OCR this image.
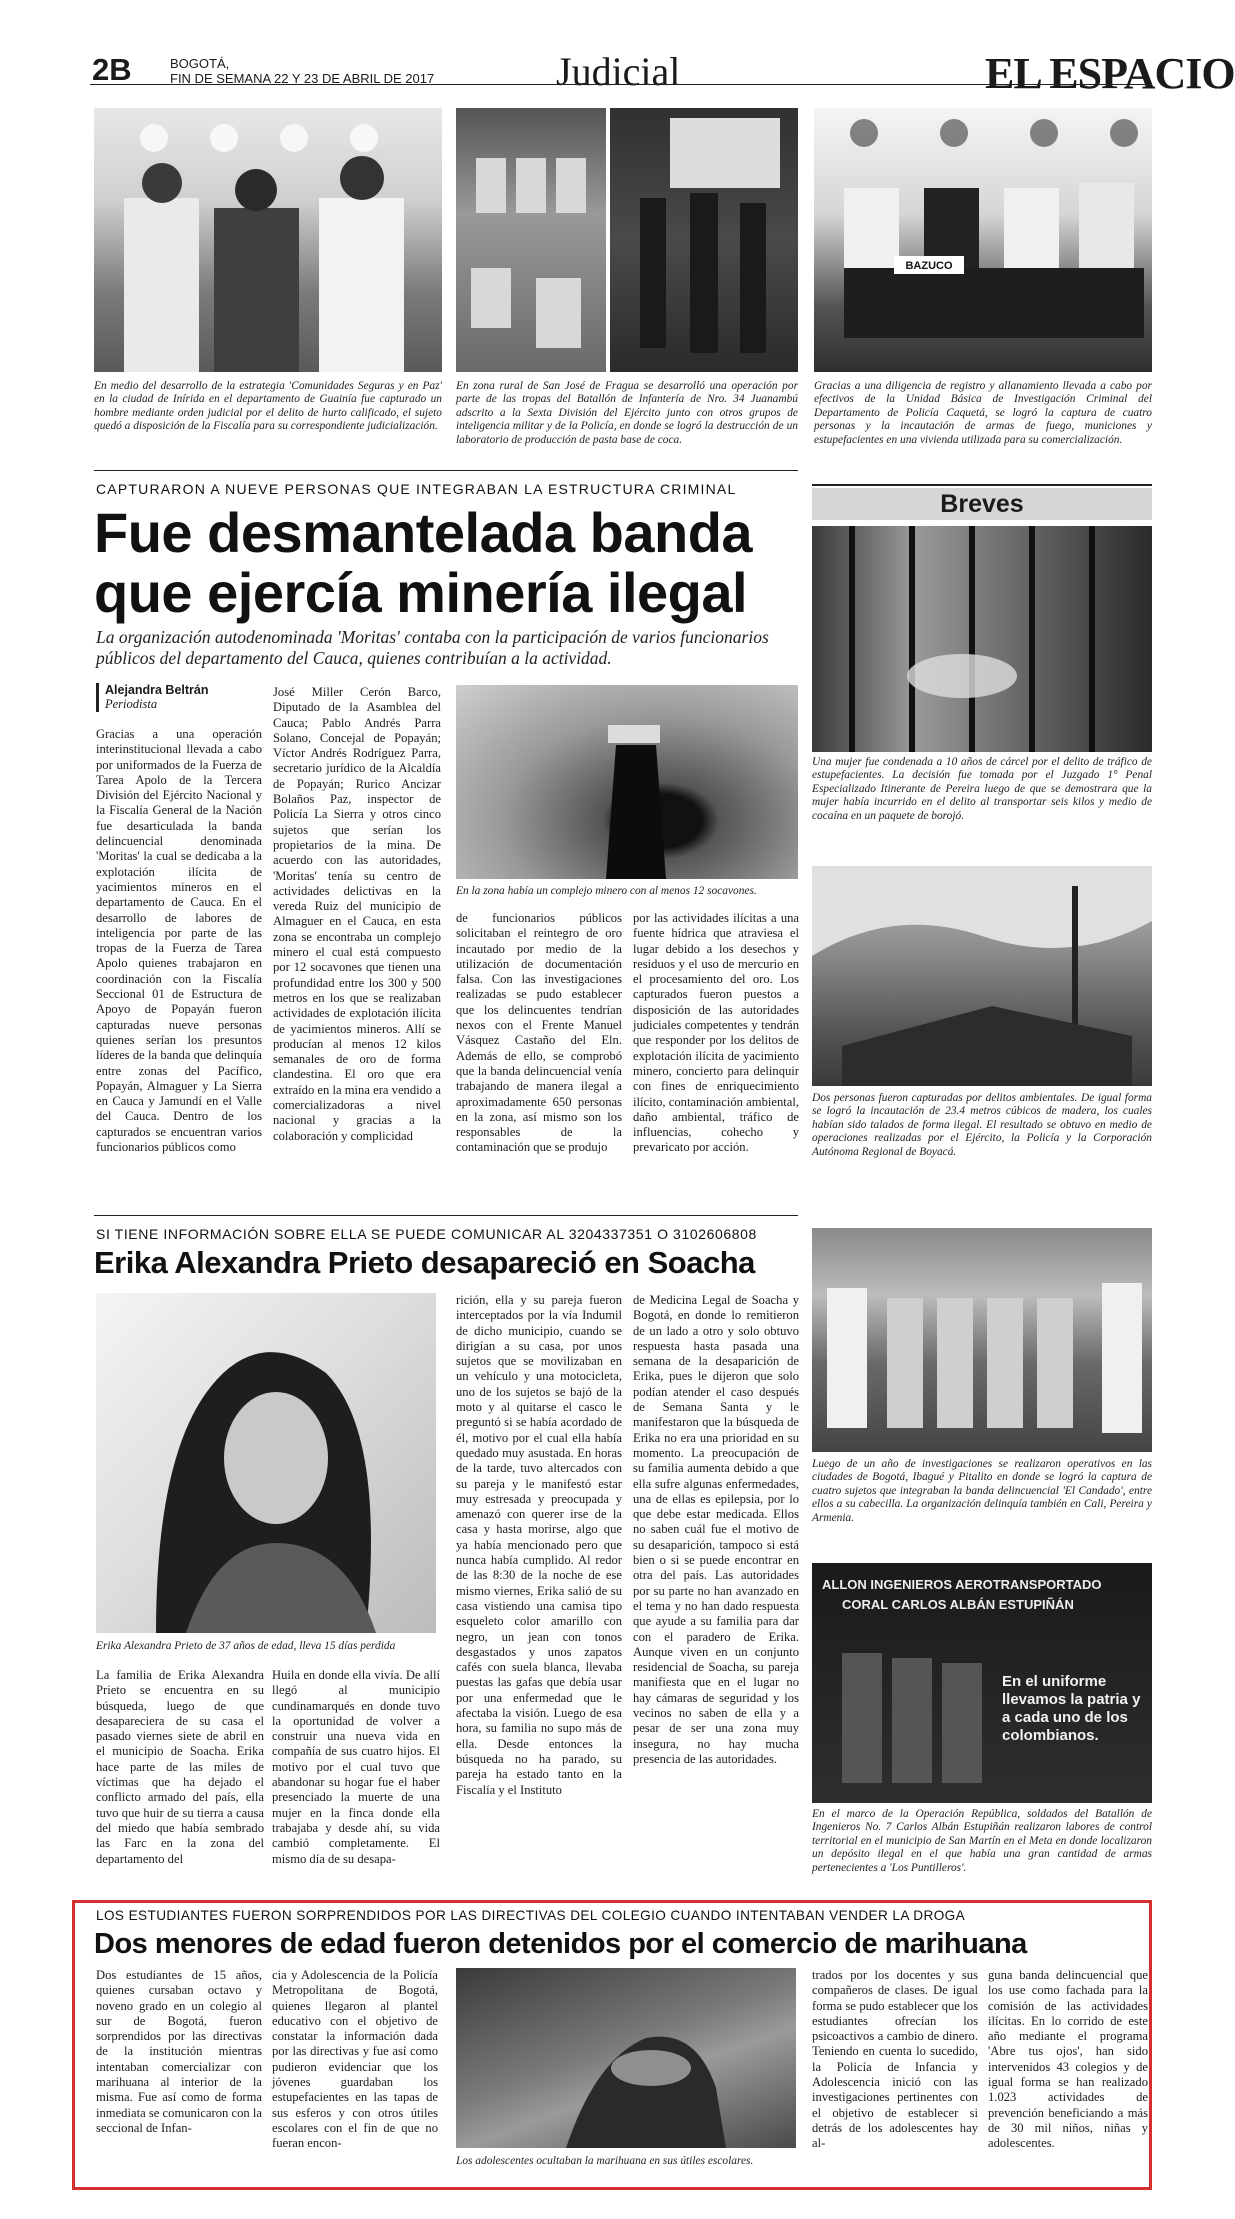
2B	BOGOTÁ,
FIN DE SEMANA 22 Y 23 DE ABRIL DE 2017	Judicial	EL ESPACIO
BAZUCO
En medio del desarrollo de la estrategia 'Comunidades Seguras y en Paz' en la ciudad de Inírida en el departamento de Guainía fue capturado un hombre mediante orden judicial por el delito de hurto calificado, el sujeto quedó a disposición de la Fiscalía para su correspondiente judicialización.
En zona rural de San José de Fragua se desarrolló una operación por parte de las tropas del Batallón de Infantería de Nro. 34 Juanambú adscrito a la Sexta División del Ejército junto con otros grupos de inteligencia militar y de la Policía, en donde se logró la destrucción de un laboratorio de producción de pasta base de coca.
Gracias a una diligencia de registro y allanamiento llevada a cabo por efectivos de la Unidad Básica de Investigación Criminal del Departamento de Policía Caquetá, se logró la captura de cuatro personas y la incautación de armas de fuego, municiones y estupefacientes en una vivienda utilizada para su comercialización.
CAPTURARON A NUEVE PERSONAS QUE INTEGRABAN LA ESTRUCTURA CRIMINAL
Fue desmantelada banda
que ejercía minería ilegal
La organización autodenominada 'Moritas' contaba con la participación de varios funcionarios públicos del departamento del Cauca, quienes contribuían a la actividad.
Alejandra Beltrán
Periodista
Gracias a una operación interinstitucional llevada a cabo por uniformados de la Fuerza de Tarea Apolo de la Tercera División del Ejército Nacional y la Fiscalía General de la Nación fue desarticulada la banda delincuencial denominada 'Moritas' la cual se dedicaba a la explotación ilícita de yacimientos mineros en el departamento de Cauca. En el desarrollo de labores de inteligencia por parte de las tropas de la Fuerza de Tarea Apolo quienes trabajaron en coordinación con la Fiscalía Seccional 01 de Estructura de Apoyo de Popayán fueron capturadas nueve personas quienes serían los presuntos líderes de la banda que delinquía entre zonas del Pacífico, Popayán, Almaguer y La Sierra en Cauca y Jamundí en el Valle del Cauca. Dentro de los capturados se encuentran varios funcionarios públicos como
José Miller Cerón Barco, Diputado de la Asamblea del Cauca; Pablo Andrés Parra Solano, Concejal de Popayán; Víctor Andrés Rodríguez Parra, secretario jurídico de la Alcaldía de Popayán; Rurico Ancizar Bolaños Paz, inspector de Policía La Sierra y otros cinco sujetos que serían los propietarios de la mina. De acuerdo con las autoridades, 'Moritas' tenía su centro de actividades delictivas en la vereda Ruiz del municipio de Almaguer en el Cauca, en esta zona se encontraba un complejo minero el cual está compuesto por 12 socavones que tienen una profundidad entre los 300 y 500 metros en los que se realizaban actividades de explotación ilícita de yacimientos mineros. Allí se producían al menos 12 kilos semanales de oro de forma clandestina. El oro que era extraído en la mina era vendido a comercializadoras a nivel nacional y gracias a la colaboración y complicidad
En la zona había un complejo minero con al menos 12 socavones.
de funcionarios públicos solicitaban el reintegro de oro incautado por medio de la utilización de documentación falsa. Con las investigaciones realizadas se pudo establecer que los delincuentes tendrían nexos con el Frente Manuel Vásquez Castaño del Eln. Además de ello, se comprobó que la banda delincuencial venía trabajando de manera ilegal a aproximadamente 650 personas en la zona, así mismo son los responsables de la contaminación que se produjo
por las actividades ilícitas a una fuente hídrica que atraviesa el lugar debido a los desechos y residuos y el uso de mercurio en el procesamiento del oro. Los capturados fueron puestos a disposición de las autoridades judiciales competentes y tendrán que responder por los delitos de explotación ilícita de yacimiento minero, concierto para delinquir con fines de enriquecimiento ilícito, contaminación ambiental, daño ambiental, tráfico de influencias, cohecho y prevaricato por acción.
Breves
Una mujer fue condenada a 10 años de cárcel por el delito de tráfico de estupefacientes. La decisión fue tomada por el Juzgado 1° Penal Especializado Itinerante de Pereira luego de que se demostrara que la mujer había incurrido en el delito al transportar seis kilos y medio de cocaína en un paquete de borojó.
Dos personas fueron capturadas por delitos ambientales. De igual forma se logró la incautación de 23.4 metros cúbicos de madera, los cuales habían sido talados de forma ilegal. El resultado se obtuvo en medio de operaciones realizadas por el Ejército, la Policía y la Corporación Autónoma Regional de Boyacá.
Luego de un año de investigaciones se realizaron operativos en las ciudades de Bogotá, Ibagué y Pitalito en donde se logró la captura de cuatro sujetos que integraban la banda delincuencial 'El Candado', entre ellos a su cabecilla. La organización delinquía también en Cali, Pereira y Armenia.
ALLON INGENIEROS AEROTRANSPORTADO
CORAL CARLOS ALBÁN ESTUPIÑÁN
En el uniforme llevamos la patria y a cada uno de los colombianos.
En el marco de la Operación República, soldados del Batallón de Ingenieros No. 7 Carlos Albán Estupiñán realizaron labores de control territorial en el municipio de San Martín en el Meta en donde localizaron un depósito ilegal en el que había una gran cantidad de armas pertenecientes a 'Los Puntilleros'.
SI TIENE INFORMACIÓN SOBRE ELLA SE PUEDE COMUNICAR AL 3204337351 O 3102606808
Erika Alexandra Prieto desapareció en Soacha
Erika Alexandra Prieto de 37 años de edad, lleva 15 días perdida
La familia de Erika Alexandra Prieto se encuentra en su búsqueda, luego de que desapareciera de su casa el pasado viernes siete de abril en el municipio de Soacha. Erika hace parte de las miles de víctimas que ha dejado el conflicto armado del país, ella tuvo que huir de su tierra a causa del miedo que había sembrado las Farc en la zona del departamento del
Huila en donde ella vivía. De allí llegó al municipio cundinamarqués en donde tuvo la oportunidad de volver a construir una nueva vida en compañía de sus cuatro hijos. El motivo por el cual tuvo que abandonar su hogar fue el haber presenciado la muerte de una mujer en la finca donde ella trabajaba y desde ahí, su vida cambió completamente. El mismo día de su desapa-
rición, ella y su pareja fueron interceptados por la vía Indumil de dicho municipio, cuando se dirigían a su casa, por unos sujetos que se movilizaban en un vehículo y una motocicleta, uno de los sujetos se bajó de la moto y al quitarse el casco le preguntó si se había acordado de él, motivo por el cual ella había quedado muy asustada. En horas de la tarde, tuvo altercados con su pareja y le manifestó estar muy estresada y preocupada y amenazó con querer irse de la casa y hasta morirse, algo que ya había mencionado pero que nunca había cumplido. Al redor de las 8:30 de la noche de ese mismo viernes, Erika salió de su casa vistiendo una camisa tipo esqueleto color amarillo con negro, un jean con tonos desgastados y unos zapatos cafés con suela blanca, llevaba puestas las gafas que debía usar por una enfermedad que le afectaba la visión. Luego de esa hora, su familia no supo más de ella. Desde entonces la búsqueda no ha parado, su pareja ha estado tanto en la Fiscalía y el Instituto
de Medicina Legal de Soacha y Bogotá, en donde lo remitieron de un lado a otro y solo obtuvo respuesta hasta pasada una semana de la desaparición de Erika, pues le dijeron que solo podían atender el caso después de Semana Santa y le manifestaron que la búsqueda de Erika no era una prioridad en su momento. La preocupación de su familia aumenta debido a que ella sufre algunas enfermedades, una de ellas es epilepsia, por lo que debe estar medicada. Ellos no saben cuál fue el motivo de su desaparición, tampoco si está bien o si se puede encontrar en otra del país. Las autoridades por su parte no han avanzado en el tema y no han dado respuesta que ayude a su familia para dar con el paradero de Erika. Aunque viven en un conjunto residencial de Soacha, su pareja manifiesta que en el lugar no hay cámaras de seguridad y los vecinos no saben de ella y a pesar de ser una zona muy insegura, no hay mucha presencia de las autoridades.
LOS ESTUDIANTES FUERON SORPRENDIDOS POR LAS DIRECTIVAS DEL COLEGIO CUANDO INTENTABAN VENDER LA DROGA
Dos menores de edad fueron detenidos por el comercio de marihuana
Dos estudiantes de 15 años, quienes cursaban octavo y noveno grado en un colegio al sur de Bogotá, fueron sorprendidos por las directivas de la institución mientras intentaban comercializar con marihuana al interior de la misma. Fue así como de forma inmediata se comunicaron con la seccional de Infan-
cia y Adolescencia de la Policía Metropolitana de Bogotá, quienes llegaron al plantel educativo con el objetivo de constatar la información dada por las directivas y fue así como pudieron evidenciar que los jóvenes guardaban los estupefacientes en las tapas de sus esferos y con otros útiles escolares con el fin de que no fueran encon-
Los adolescentes ocultaban la marihuana en sus útiles escolares.
trados por los docentes y sus compañeros de clases. De igual forma se pudo establecer que los estudiantes ofrecían los psicoactivos a cambio de dinero. Teniendo en cuenta lo sucedido, la Policía de Infancia y Adolescencia inició con las investigaciones pertinentes con el objetivo de establecer si detrás de los adolescentes hay al-
guna banda delincuencial que los use como fachada para la comisión de las actividades ilícitas. En lo corrido de este año mediante el programa 'Abre tus ojos', han sido intervenidos 43 colegios y de igual forma se han realizado 1.023 actividades de prevención beneficiando a más de 30 mil niños, niñas y adolescentes.
